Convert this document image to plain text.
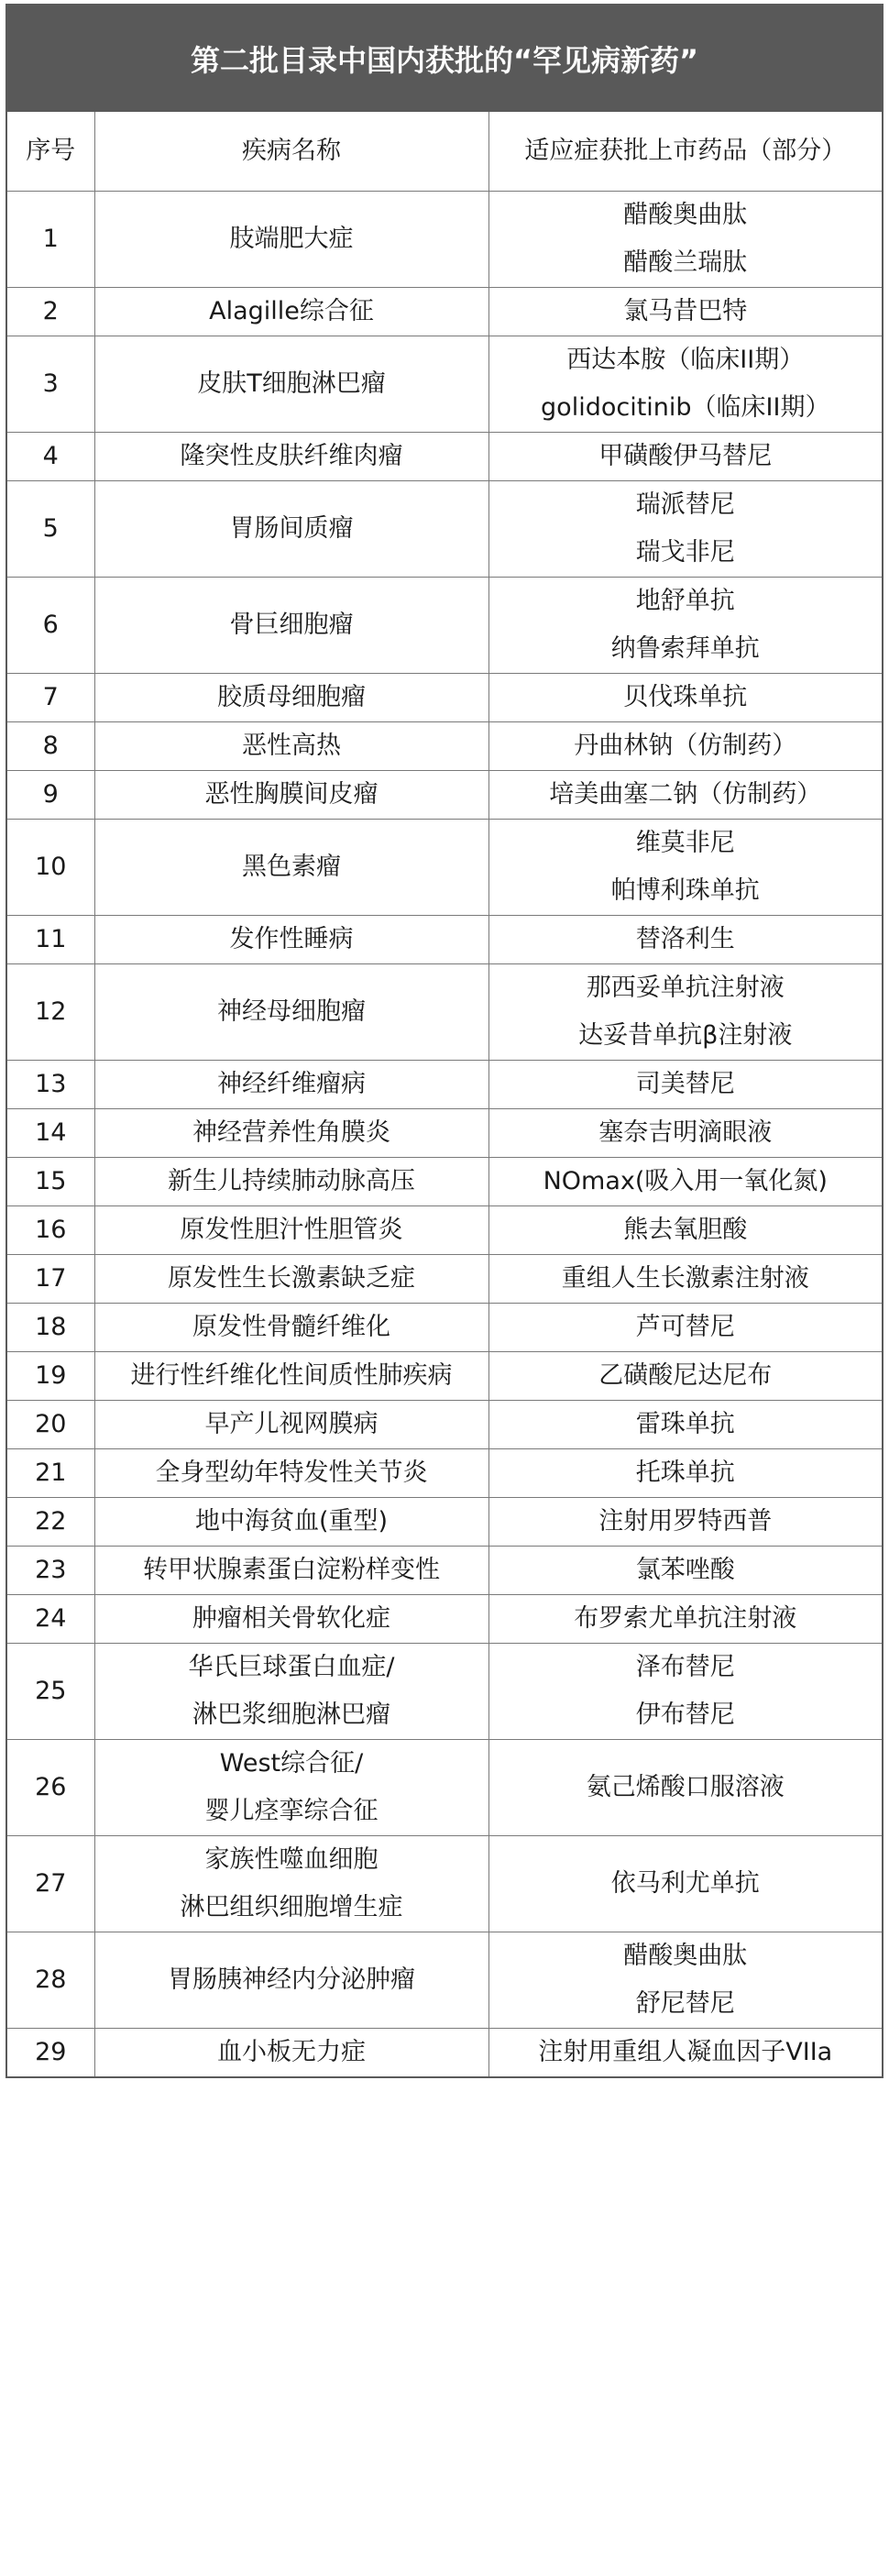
第二批目录中国内获批的“罕见病新药”
序号	疾病名称	适应症获批上市药品（部分）
1	肢端肥大症	醋酸奥曲肽
醋酸兰瑞肽

2	Alagille综合征	氯马昔巴特

3	皮肤T细胞淋巴瘤	西达本胺（临床II期）
golidocitinib（临床II期）

4	隆突性皮肤纤维肉瘤	甲磺酸伊马替尼

5	胃肠间质瘤	瑞派替尼
瑞戈非尼

6	骨巨细胞瘤	地舒单抗
纳鲁索拜单抗

7	胶质母细胞瘤	贝伐珠单抗

8	恶性高热	丹曲林钠（仿制药）

9	恶性胸膜间皮瘤	培美曲塞二钠（仿制药）

10	黑色素瘤	维莫非尼
帕博利珠单抗

11	发作性睡病	替洛利生

12	神经母细胞瘤	那西妥单抗注射液
达妥昔单抗β注射液

13	神经纤维瘤病	司美替尼

14	神经营养性角膜炎	塞奈吉明滴眼液

15	新生儿持续肺动脉高压	NOmax(吸入用一氧化氮)

16	原发性胆汁性胆管炎	熊去氧胆酸

17	原发性生长激素缺乏症	重组人生长激素注射液

18	原发性骨髓纤维化	芦可替尼

19	进行性纤维化性间质性肺疾病	乙磺酸尼达尼布

20	早产儿视网膜病	雷珠单抗

21	全身型幼年特发性关节炎	托珠单抗

22	地中海贫血(重型)	注射用罗特西普

23	转甲状腺素蛋白淀粉样变性	氯苯唑酸

24	肿瘤相关骨软化症	布罗索尤单抗注射液

25	华氏巨球蛋白血症/
淋巴浆细胞淋巴瘤	泽布替尼
伊布替尼

26	West综合征/
婴儿痉挛综合征	氨己烯酸口服溶液

27	家族性噬血细胞
淋巴组织细胞增生症	依马利尤单抗

28	胃肠胰神经内分泌肿瘤	醋酸奥曲肽
舒尼替尼

29	血小板无力症	注射用重组人凝血因子VIIa
